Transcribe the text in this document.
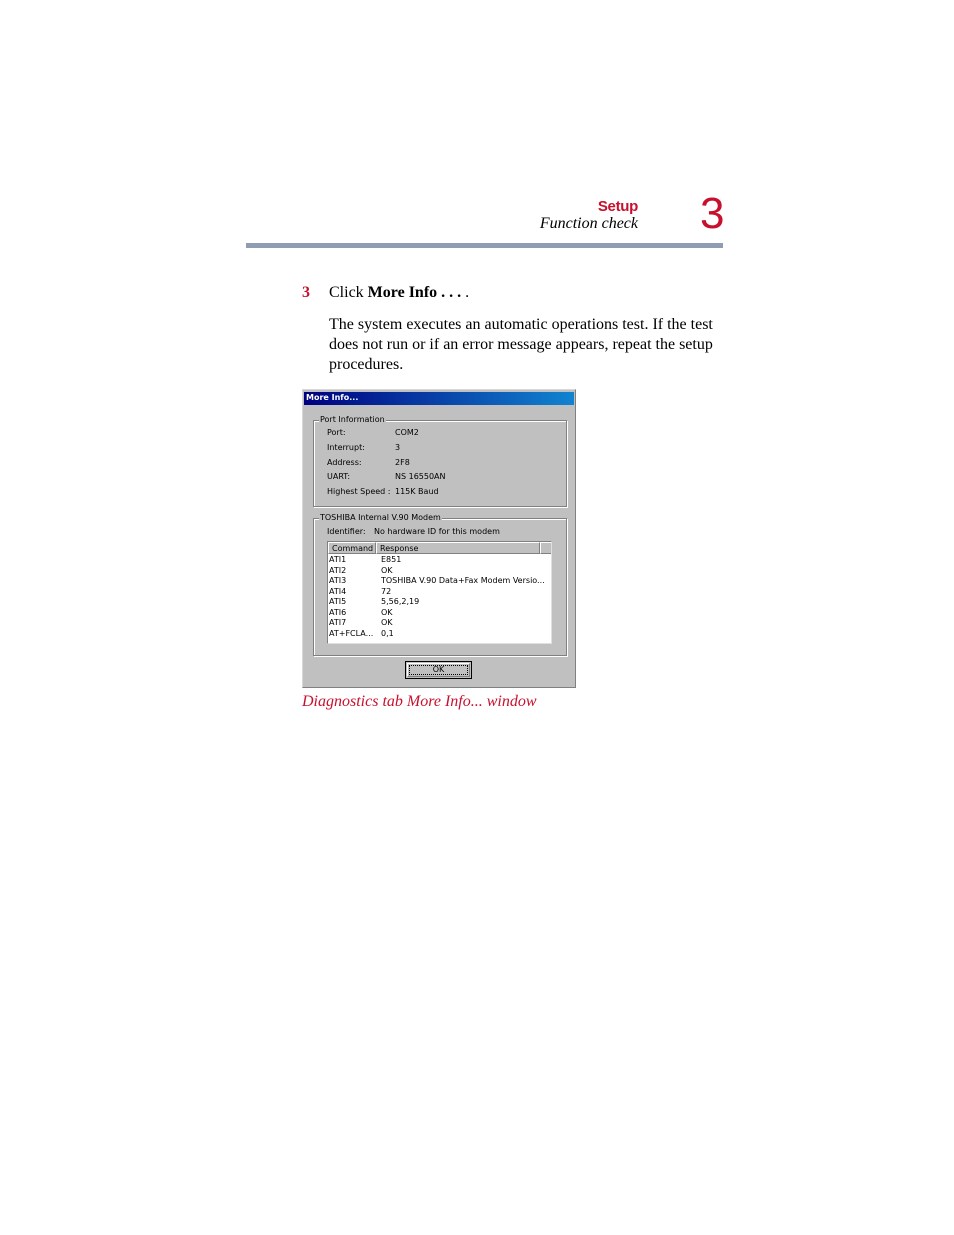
Setup
Function check 3
3 Click More Info . . . .
The system executes an automatic operations test. If the test does not run or if an error message appears, repeat the setup procedures.
More Info...
Port Information
Port:	COM2
Interrupt:	3
Address:	2F8
UART:	NS 16550AN
Highest Speed : 115K Baud
TOSHIBA Internal V.90 Modem
Identifier: No hardware ID for this modem
Command Response
ATI1	E851
ATI2	OK
ATI3	TOSHIBA V.90 Data+Fax Modem Versio...
ATI4	72
ATI5	5,56,2,19
ATI6	OK
ATI7	OK
AT+FCLA... 0,1
OK
Diagnostics tab More Info... window
